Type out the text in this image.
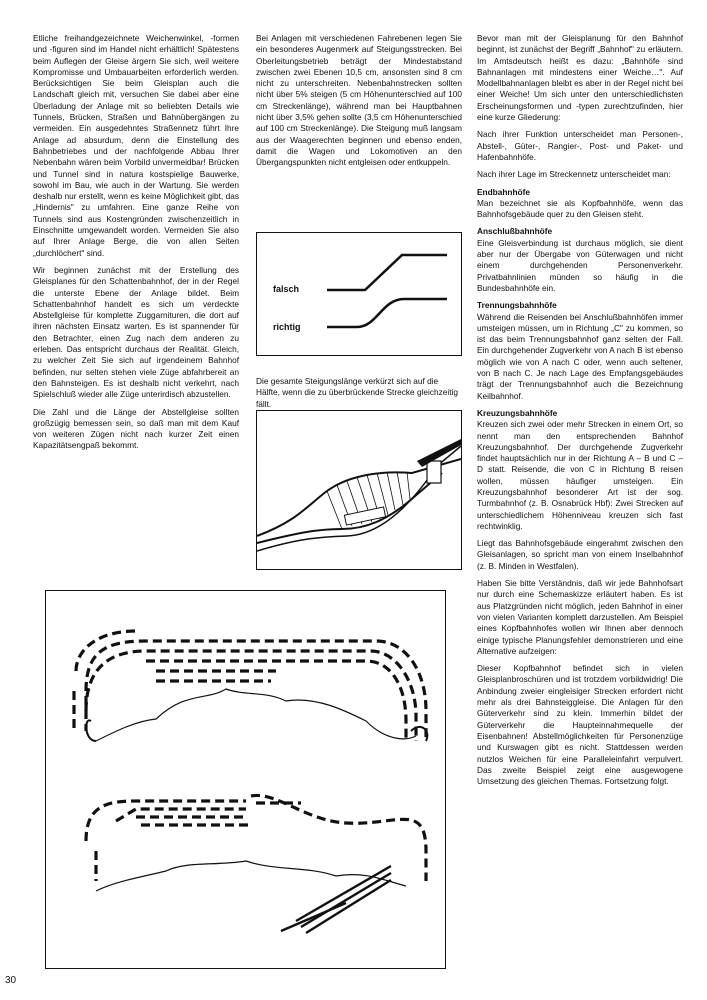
Etliche freihandgezeichnete Weichenwinkel, -formen und -figuren sind im Handel nicht erhältlich! Spätestens beim Auflegen der Gleise ärgern Sie sich, weil weitere Kompromisse und Umbauarbeiten erforderlich werden. Berücksichtigen Sie beim Gleisplan auch die Landschaft gleich mit, versuchen Sie dabei aber eine Überladung der Anlage mit so beliebten Details wie Tunnels, Brücken, Straßen und Bahnübergängen zu vermeiden. Ein ausgedehntes Straßennetz führt Ihre Anlage ad absurdum, denn die Einstellung des Bahnbetriebes und der nachfolgende Abbau Ihrer Nebenbahn wären beim Vorbild unvermeidbar! Brücken und Tunnel sind in natura kostspielige Bauwerke, sowohl im Bau, wie auch in der Wartung. Sie werden deshalb nur erstellt, wenn es keine Möglichkeit gibt, das „Hindernis" zu umfahren. Eine ganze Reihe von Tunnels sind aus Kostengründen zwischenzeitlich in Einschnitte umgewandelt worden. Vermeiden Sie also auf Ihrer Anlage Berge, die von allen Seiten „durchlöchert" sind.

Wir beginnen zunächst mit der Erstellung des Gleisplanes für den Schattenbahnhof, der in der Regel die unterste Ebene der Anlage bildet. Beim Schattenbahnhof handelt es sich um verdeckte Abstellgleise für komplette Zuggarnituren, die dort auf ihren nächsten Einsatz warten. Es ist spannender für den Betrachter, einen Zug nach dem anderen zu erleben. Das entspricht durchaus der Realität. Gleich, zu welcher Zeit Sie sich auf irgendeinem Bahnhof befinden, nur selten stehen viele Züge abfahrbereit an den Bahnsteigen. Es ist deshalb nicht verkehrt, nach Spielschluß wieder alle Züge unterirdisch abzustellen.

Die Zahl und die Länge der Abstellgleise sollten großzügig bemessen sein, so daß man mit dem Kauf von weiteren Zügen nicht nach kurzer Zeit einen Kapazitätsengpaß bekommt.

Bei Anlagen mit verschiedenen Fahrebenen legen Sie ein besonderes Augenmerk auf Steigungsstrecken. Bei Oberleitungsbetrieb beträgt der Mindestabstand zwischen zwei Ebenen 10,5 cm, ansonsten sind 8 cm nicht zu unterschreiten. Nebenbahnstrecken sollten nicht über 5% steigen (5 cm Höhenunterschied auf 100 cm Streckenlänge), während man bei Hauptbahnen nicht über 3,5% gehen sollte (3,5 cm Höhenunterschied auf 100 cm Streckenlänge). Die Steigung muß langsam aus der Waagerechten beginnen und ebenso enden, damit die Wagen und Lokomotiven an den Übergangspunkten nicht entgleisen oder entkuppeln.

falsch
richtig
Die gesamte Steigungslänge verkürzt sich auf die Hälfte, wenn die zu überbrückende Strecke gleichzeitig fällt.

Bevor man mit der Gleisplanung für den Bahnhof beginnt, ist zunächst der Begriff „Bahnhof" zu erläutern. Im Amtsdeutsch heißt es dazu: „Bahnhöfe sind Bahnanlagen mit mindestens einer Weiche…". Auf Modellbahnanlagen bleibt es aber in der Regel nicht bei einer Weiche! Um sich unter den unterschiedlichsten Erscheinungsformen und -typen zurechtzufinden, hier eine kurze Gliederung:

Nach ihrer Funktion unterscheidet man Personen-, Abstell-, Güter-, Rangier-, Post- und Paket- und Hafenbahnhöfe.

Nach ihrer Lage im Streckennetz unterscheidet man:

Endbahnhöfe

Man bezeichnet sie als Kopfbahnhöfe, wenn das Bahnhofsgebäude quer zu den Gleisen steht.

Anschlußbahnhöfe

Eine Gleisverbindung ist durchaus möglich, sie dient aber nur der Übergabe von Güterwagen und nicht einem durchgehenden Personenverkehr. Privatbahnlinien münden so häufig in die Bundesbahnhöfe ein.

Trennungsbahnhöfe

Während die Reisenden bei Anschlußbahnhöfen immer umsteigen müssen, um in Richtung „C" zu kommen, so ist das beim Trennungsbahnhof ganz selten der Fall. Ein durchgehender Zugverkehr von A nach B ist ebenso möglich wie von A nach C oder, wenn auch seltener, von B nach C. Je nach Lage des Empfangsgebäudes trägt der Trennungsbahnhof auch die Bezeichnung Keilbahnhof.

Kreuzungsbahnhöfe

Kreuzen sich zwei oder mehr Strecken in einem Ort, so nennt man den entsprechenden Bahnhof Kreuzungsbahnhof. Der durchgehende Zugverkehr findet hauptsächlich nur in der Richtung A – B und C – D statt. Reisende, die von C in Richtung B reisen wollen, müssen häufiger umsteigen. Ein Kreuzungsbahnhof besonderer Art ist der sog. Turmbahnhof (z. B. Osnabrück Hbf): Zwei Strecken auf unterschiedlichem Höhenniveau kreuzen sich fast rechtwinklig.

Liegt das Bahnhofsgebäude eingerahmt zwischen den Gleisanlagen, so spricht man von einem Inselbahnhof (z. B. Minden in Westfalen).

Haben Sie bitte Verständnis, daß wir jede Bahnhofsart nur durch eine Schemaskizze erläutert haben. Es ist aus Platzgründen nicht möglich, jeden Bahnhof in einer von vielen Varianten komplett darzustellen. Am Beispiel eines Kopfbahnhofes wollen wir Ihnen aber dennoch einige typische Planungsfehler demonstrieren und eine Alternative aufzeigen:

Dieser Kopfbahnhof befindet sich in vielen Gleisplanbroschüren und ist trotzdem vorbildwidrig! Die Anbindung zweier eingleisiger Strecken erfordert nicht mehr als drei Bahnsteiggleise. Die Anlagen für den Güterverkehr sind zu klein. Immerhin bildet der Güterverkehr die Haupteinnahmequelle der Eisenbahnen! Abstellmöglichkeiten für Personenzüge und Kurswagen gibt es nicht. Stattdessen werden nutzlos Weichen für eine Paralleleinfahrt verpulvert. Das zweite Beispiel zeigt eine ausgewogene Umsetzung des gleichen Themas. Fortsetzung folgt.

30
